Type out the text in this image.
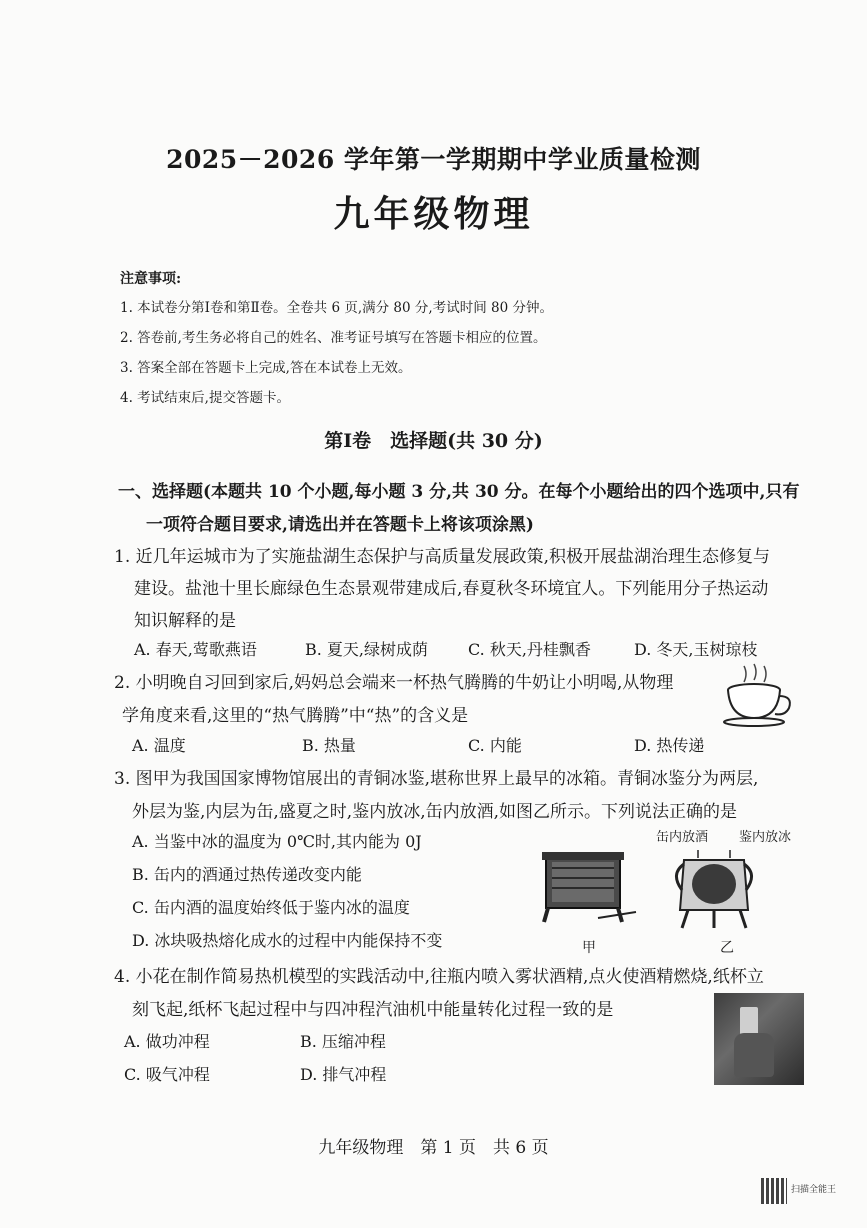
2025－2026 学年第一学期期中学业质量检测
九年级物理
注意事项:
1. 本试卷分第Ⅰ卷和第Ⅱ卷。全卷共 6 页,满分 80 分,考试时间 80 分钟。
2. 答卷前,考生务必将自己的姓名、准考证号填写在答题卡相应的位置。
3. 答案全部在答题卡上完成,答在本试卷上无效。
4. 考试结束后,提交答题卡。
第Ⅰ卷　选择题(共 30 分)
一、选择题(本题共 10 个小题,每小题 3 分,共 30 分。在每个小题给出的四个选项中,只有
一项符合题目要求,请选出并在答题卡上将该项涂黑)
1. 近几年运城市为了实施盐湖生态保护与高质量发展政策,积极开展盐湖治理生态修复与
建设。盐池十里长廊绿色生态景观带建成后,春夏秋冬环境宜人。下列能用分子热运动
知识解释的是
A. 春天,莺歌燕语	B. 夏天,绿树成荫 C. 秋天,丹桂飘香	D. 冬天,玉树琼枝
2. 小明晚自习回到家后,妈妈总会端来一杯热气腾腾的牛奶让小明喝,从物理
学角度来看,这里的“热气腾腾”中“热”的含义是
A. 温度	B. 热量	C. 内能	D. 热传递
3. 图甲为我国国家博物馆展出的青铜冰鉴,堪称世界上最早的冰箱。青铜冰鉴分为两层,
外层为鉴,内层为缶,盛夏之时,鉴内放冰,缶内放酒,如图乙所示。下列说法正确的是
A. 当鉴中冰的温度为 0℃时,其内能为 0J
B. 缶内的酒通过热传递改变内能
C. 缶内酒的温度始终低于鉴内冰的温度
D. 冰块吸热熔化成水的过程中内能保持不变
缶内放酒 鉴内放冰
甲	乙
4. 小花在制作简易热机模型的实践活动中,往瓶内喷入雾状酒精,点火使酒精燃烧,纸杯立
刻飞起,纸杯飞起过程中与四冲程汽油机中能量转化过程一致的是
A. 做功冲程	B. 压缩冲程
C. 吸气冲程	D. 排气冲程
九年级物理　第 1 页　共 6 页
扫描全能王
